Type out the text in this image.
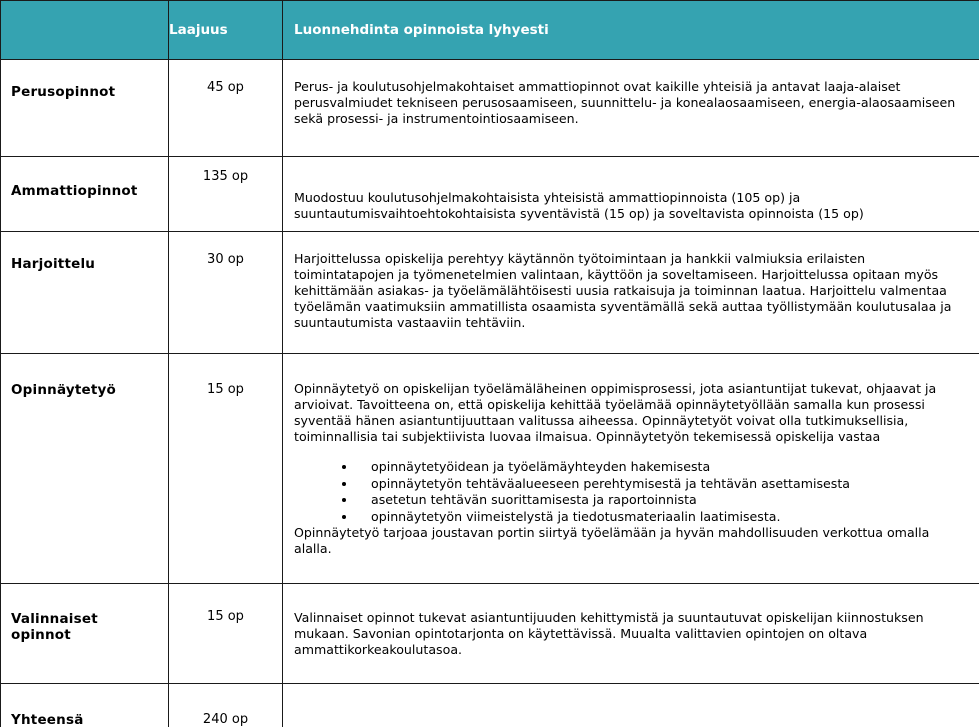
	Laajuus	Luonnehdinta opinnoista lyhyesti
Perusopinnot	45 op	Perus- ja koulutusohjelmakohtaiset ammattiopinnot ovat kaikille yhteisiä ja antavat laaja-alaiset perusvalmiudet tekniseen perusosaamiseen, suunnittelu- ja konealaosaamiseen, energia-alaosaamiseen sekä prosessi- ja instrumentointiosaamiseen.

Ammattiopinnot	135 op	Muodostuu koulutusohjelmakohtaisista yhteisistä ammattiopinnoista (105 op) ja suuntautumisvaihtoehtokohtaisista syventävistä (15 op) ja soveltavista opinnoista (15 op)

Harjoittelu	30 op	Harjoittelussa opiskelija perehtyy käytännön työtoimintaan ja hankkii valmiuksia erilaisten toimintatapojen ja työmenetelmien valintaan, käyttöön ja soveltamiseen. Harjoittelussa opitaan myös kehittämään asiakas- ja työelämälähtöisesti uusia ratkaisuja ja toiminnan laatua. Harjoittelu valmentaa työelämän vaatimuksiin ammatillista osaamista syventämällä sekä auttaa työllistymään koulutusalaa ja suuntautumista vastaaviin tehtäviin.

Opinnäytetyö	15 op	Opinnäytetyö on opiskelijan työelämäläheinen oppimisprosessi, jota asiantuntijat tukevat, ohjaavat ja arvioivat. Tavoitteena on, että opiskelija kehittää työelämää opinnäytetyöllään samalla kun prosessi syventää hänen asiantuntijuuttaan valitussa aiheessa. Opinnäytetyöt voivat olla tutkimuksellisia, toiminnallisia tai subjektiivista luovaa ilmaisua. Opinnäytetyön tekemisessä opiskelija vastaa

• opinnäytetyöidean ja työelämäyhteyden hakemisesta
• opinnäytetyön tehtäväalueeseen perehtymisestä ja tehtävän asettamisesta
• asetetun tehtävän suorittamisesta ja raportoinnista
• opinnäytetyön viimeistelystä ja tiedotusmateriaalin laatimisesta.

Opinnäytetyö tarjoaa joustavan portin siirtyä työelämään ja hyvän mahdollisuuden verkottua omalla alalla.

Valinnaiset opinnot	15 op	Valinnaiset opinnot tukevat asiantuntijuuden kehittymistä ja suuntautuvat opiskelijan kiinnostuksen mukaan. Savonian opintotarjonta on käytettävissä. Muualta valittavien opintojen on oltava ammattikorkeakoulutasoa.

Yhteensä	240 op	
